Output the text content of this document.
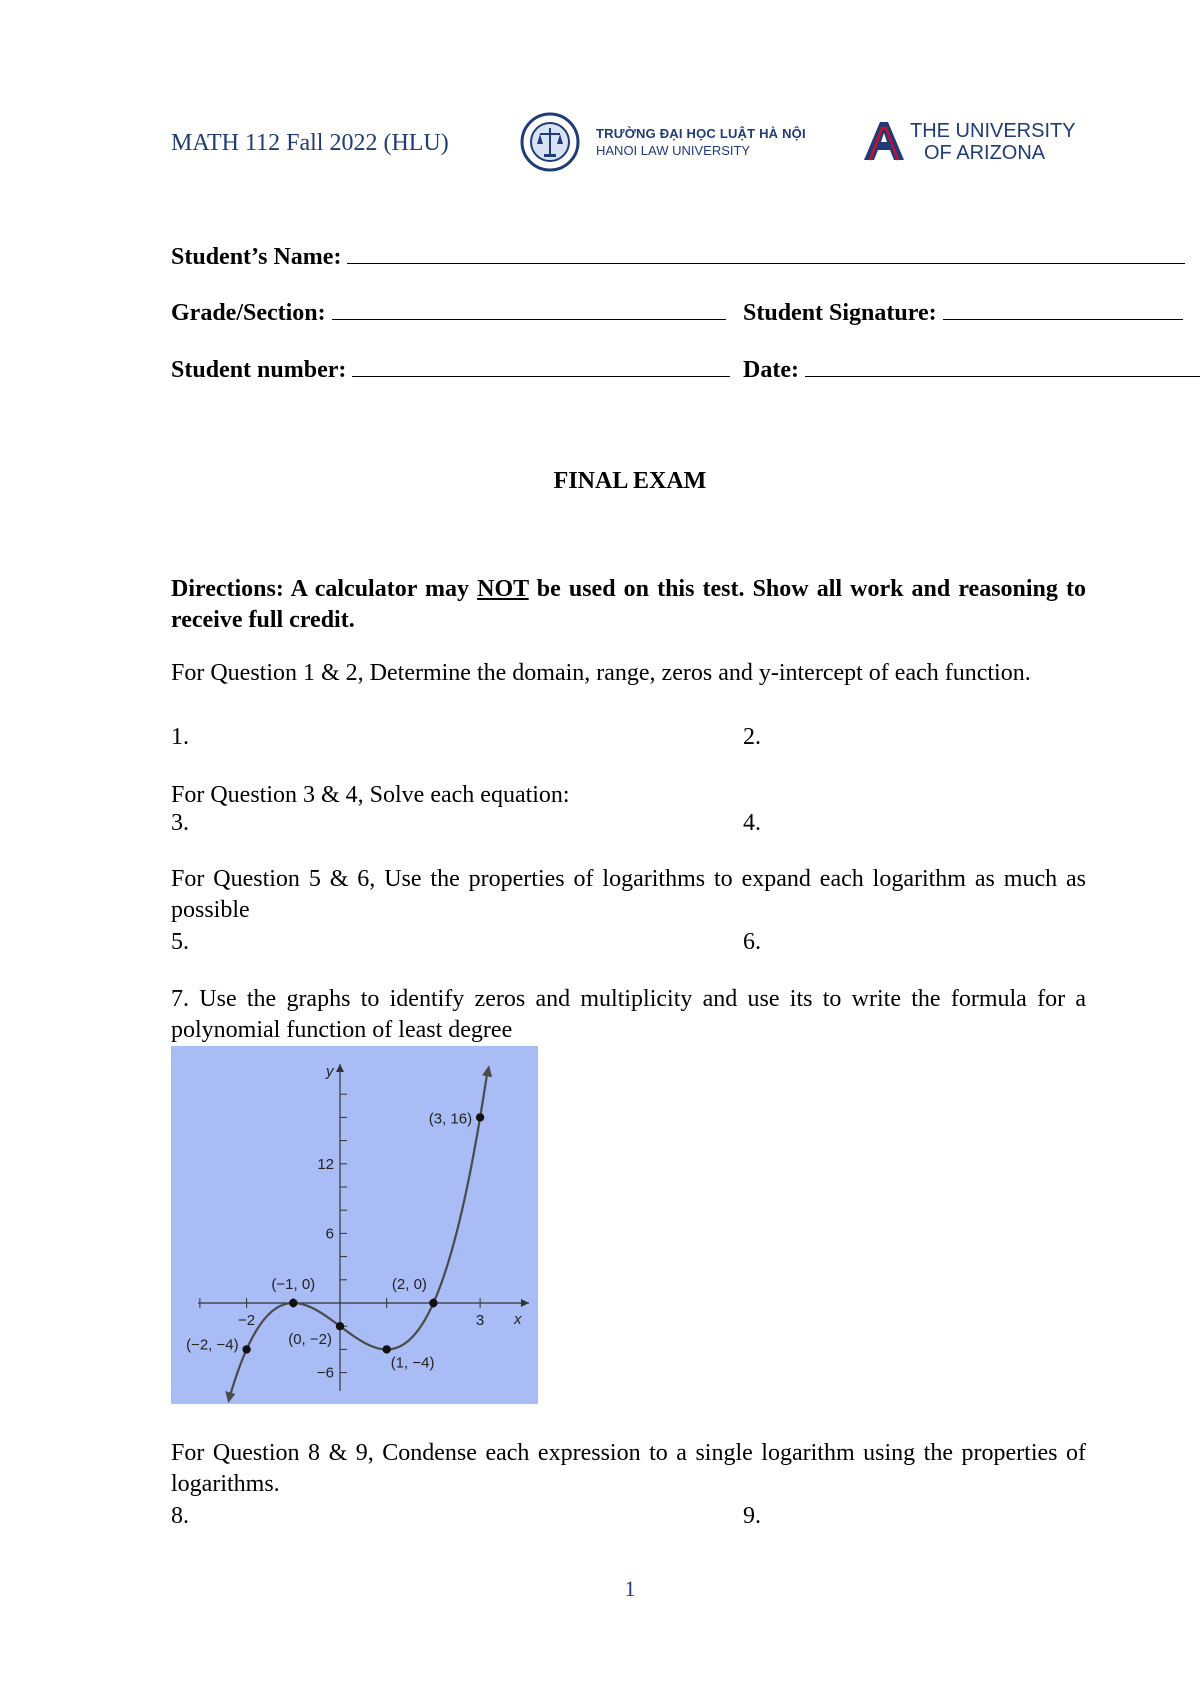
MATH 112 Fall 2022 (HLU)	TRƯỜNG ĐẠI HỌC LUẬT HÀ NỘI
HANOI LAW UNIVERSITY
THE UNIVERSITY
OF ARIZONA
Student’s Name:
Grade/Section:	Student Signature:
Student number:	Date:
FINAL EXAM
Directions: A calculator may NOT be used on this test. Show all work and reasoning to receive full credit.
For Question 1 & 2, Determine the domain, range, zeros and y-intercept of each function.
1.	2.
For Question 3 & 4, Solve each equation:
3.	4.
For Question 5 & 6, Use the properties of logarithms to expand each logarithm as much as possible
5.	6.
7. Use the graphs to identify zeros and multiplicity and use its to write the formula for a polynomial function of least degree
−2	3
−6
6
12
x
y
(−2, −4)
(−1, 0)
(0, −2)
(1, −4)
(2, 0)
(3, 16)
For Question 8 & 9, Condense each expression to a single logarithm using the properties of logarithms.
8.	9.
1
